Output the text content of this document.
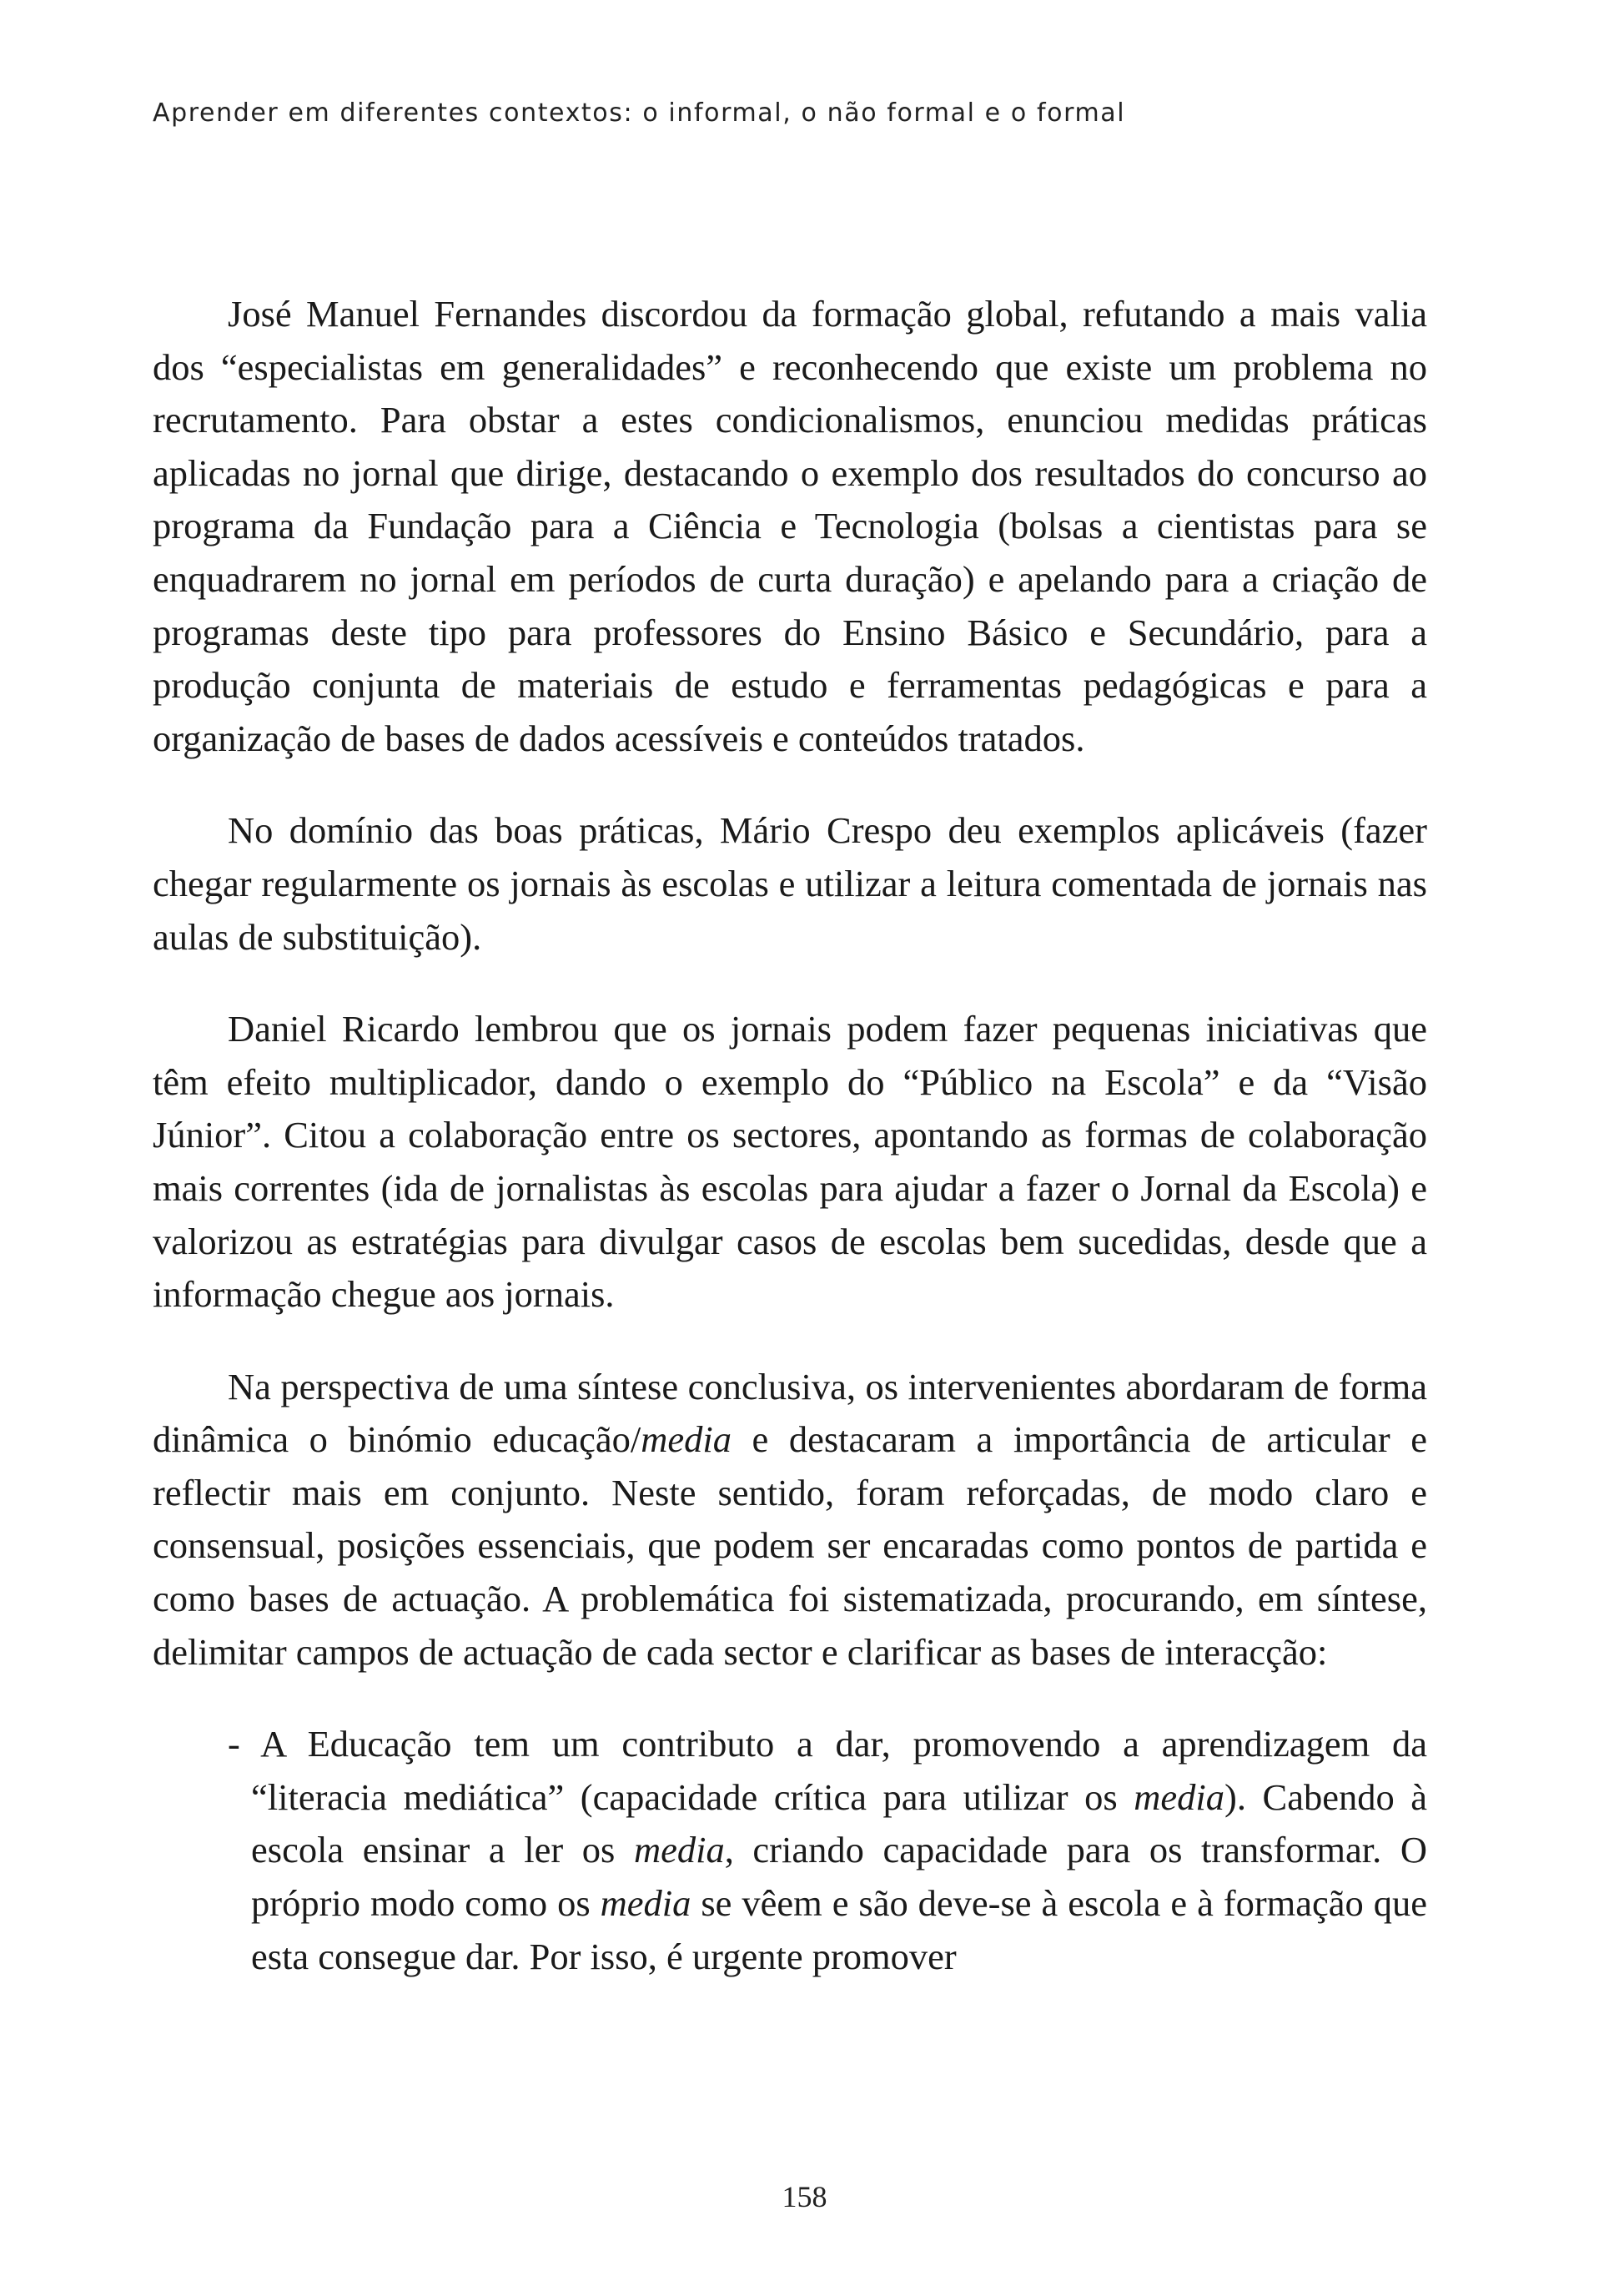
Aprender em diferentes contextos: o informal, o não formal e o formal

José Manuel Fernandes discordou da formação global, refutando a mais valia dos “especialistas em generalidades” e reconhecendo que existe um problema no recrutamento. Para obstar a estes condicionalismos, enunciou medidas práticas aplicadas no jornal que dirige, destacando o exemplo dos resultados do concurso ao programa da Fundação para a Ciência e Tecnologia (bolsas a cientistas para se enquadrarem no jornal em períodos de curta duração) e apelando para a criação de programas deste tipo para professores do Ensino Básico e Secundário, para a produção conjunta de materiais de estudo e ferramentas pedagógicas e para a organização de bases de dados acessíveis e conteúdos tratados.

No domínio das boas práticas, Mário Crespo deu exemplos aplicáveis (fazer chegar regularmente os jornais às escolas e utilizar a leitura comentada de jornais nas aulas de substituição).

Daniel Ricardo lembrou que os jornais podem fazer pequenas iniciativas que têm efeito multiplicador, dando o exemplo do “Público na Escola” e da “Visão Júnior”. Citou a colaboração entre os sectores, apontando as formas de colaboração mais correntes (ida de jornalistas às escolas para ajudar a fazer o Jornal da Escola) e valorizou as estratégias para divulgar casos de escolas bem sucedidas, desde que a informação chegue aos jornais.

Na perspectiva de uma síntese conclusiva, os intervenientes abordaram de forma dinâmica o binómio educação/media e destacaram a importância de articular e reflectir mais em conjunto. Neste sentido, foram reforçadas, de modo claro e consensual, posições essenciais, que podem ser encaradas como pontos de partida e como bases de actuação. A problemática foi sistematizada, procurando, em síntese, delimitar campos de actuação de cada sector e clarificar as bases de interacção:

- A Educação tem um contributo a dar, promovendo a aprendizagem da “literacia mediática” (capacidade crítica para utilizar os media). Cabendo à escola ensinar a ler os media, criando capacidade para os transformar. O próprio modo como os media se vêem e são deve-se à escola e à formação que esta consegue dar. Por isso, é urgente promover

158
